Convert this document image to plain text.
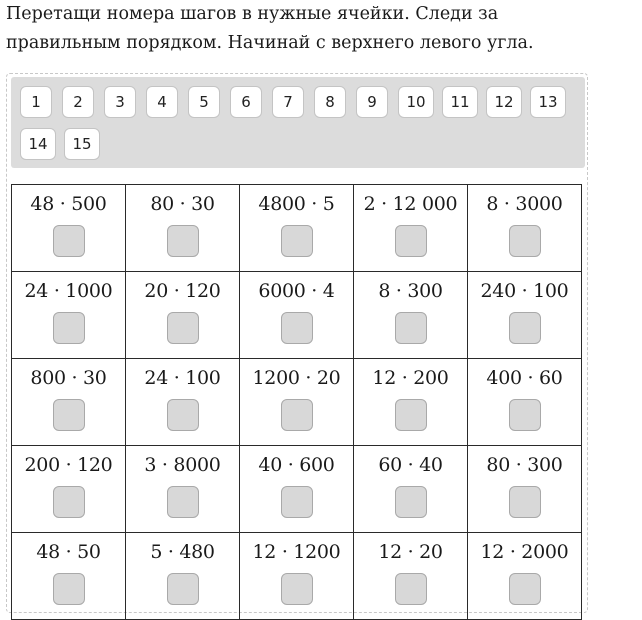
Перетащи номера шагов в нужные ячейки. Следи за
правильным порядком. Начинай с верхнего левого угла.
1	2	3	4	5	6	7	8	9	10	11	12	13
14	15
48 · 500	80 · 30	4800 · 5	2 · 12 000	8 · 3000

24 · 1000	20 · 120	6000 · 4	8 · 300	240 · 100

800 · 30	24 · 100	1200 · 20	12 · 200	400 · 60

200 · 120	3 · 8000	40 · 600	60 · 40	80 · 300

48 · 50	5 · 480	12 · 1200	12 · 20	12 · 2000
